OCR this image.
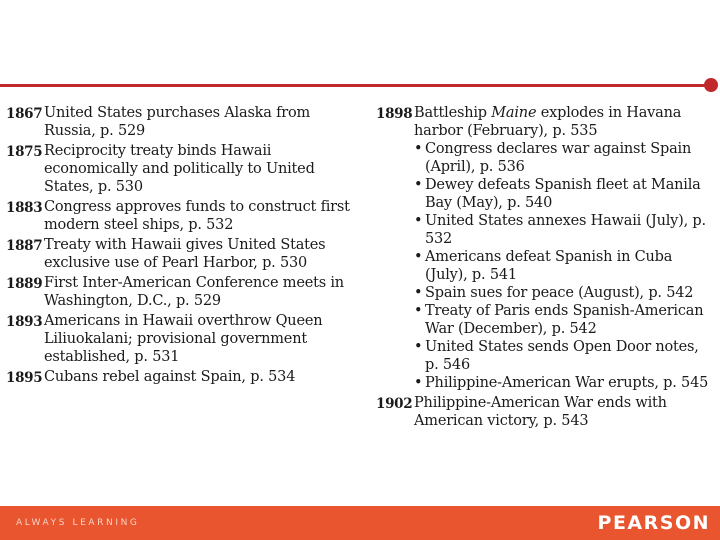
1867 United States purchases Alaska from Russia, p. 529
1875 Reciprocity treaty binds Hawaii economically and politically to United States, p. 530
1883 Congress approves funds to construct first modern steel ships, p. 532
1887 Treaty with Hawaii gives United States exclusive use of Pearl Harbor, p. 530
1889 First Inter-American Conference meets in Washington, D.C., p. 529
1893 Americans in Hawaii overthrow Queen Liliuokalani; provisional government established, p. 531
1895 Cubans rebel against Spain, p. 534
1898 Battleship Maine explodes in Havana harbor (February), p. 535
• Congress declares war against Spain (April), p. 536
• Dewey defeats Spanish fleet at Manila Bay (May), p. 540
• United States annexes Hawaii (July), p. 532
• Americans defeat Spanish in Cuba (July), p. 541
• Spain sues for peace (August), p. 542
• Treaty of Paris ends Spanish-American War (December), p. 542
• United States sends Open Door notes, p. 546
• Philippine-American War erupts, p. 545
1902 Philippine-American War ends with American victory, p. 543
ALWAYS LEARNING	PEARSON
